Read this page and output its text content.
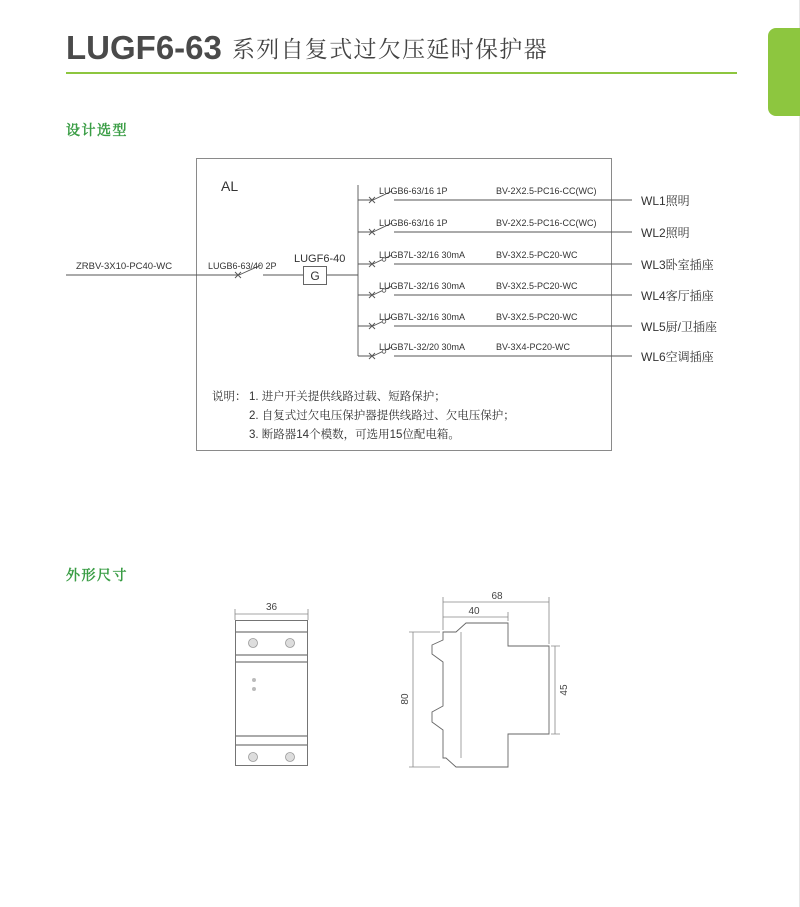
LUGF6-63 系列自复式过欠压延时保护器
设计选型
外形尺寸
AL
ZRBV-3X10-PC40-WC	LUGB6-63/40 2P
LUGF6-40
G
LUGB6-63/16 1P	BV-2X2.5-PC16-CC(WC)
WL1照明
LUGB6-63/16 1P	BV-2X2.5-PC16-CC(WC)
WL2照明
LUGB7L-32/16 30mA	BV-3X2.5-PC20-WC
WL3卧室插座
LUGB7L-32/16 30mA	BV-3X2.5-PC20-WC
WL4客厅插座
LUGB7L-32/16 30mA	BV-3X2.5-PC20-WC
WL5厨/卫插座
LUGB7L-32/20 30mA	BV-3X4-PC20-WC
WL6空调插座
说明： 1. 进户开关提供线路过载、短路保护；
2. 自复式过欠电压保护器提供线路过、欠电压保护；
3. 断路器14个模数，可选用15位配电箱。
36
68
40
80
45
